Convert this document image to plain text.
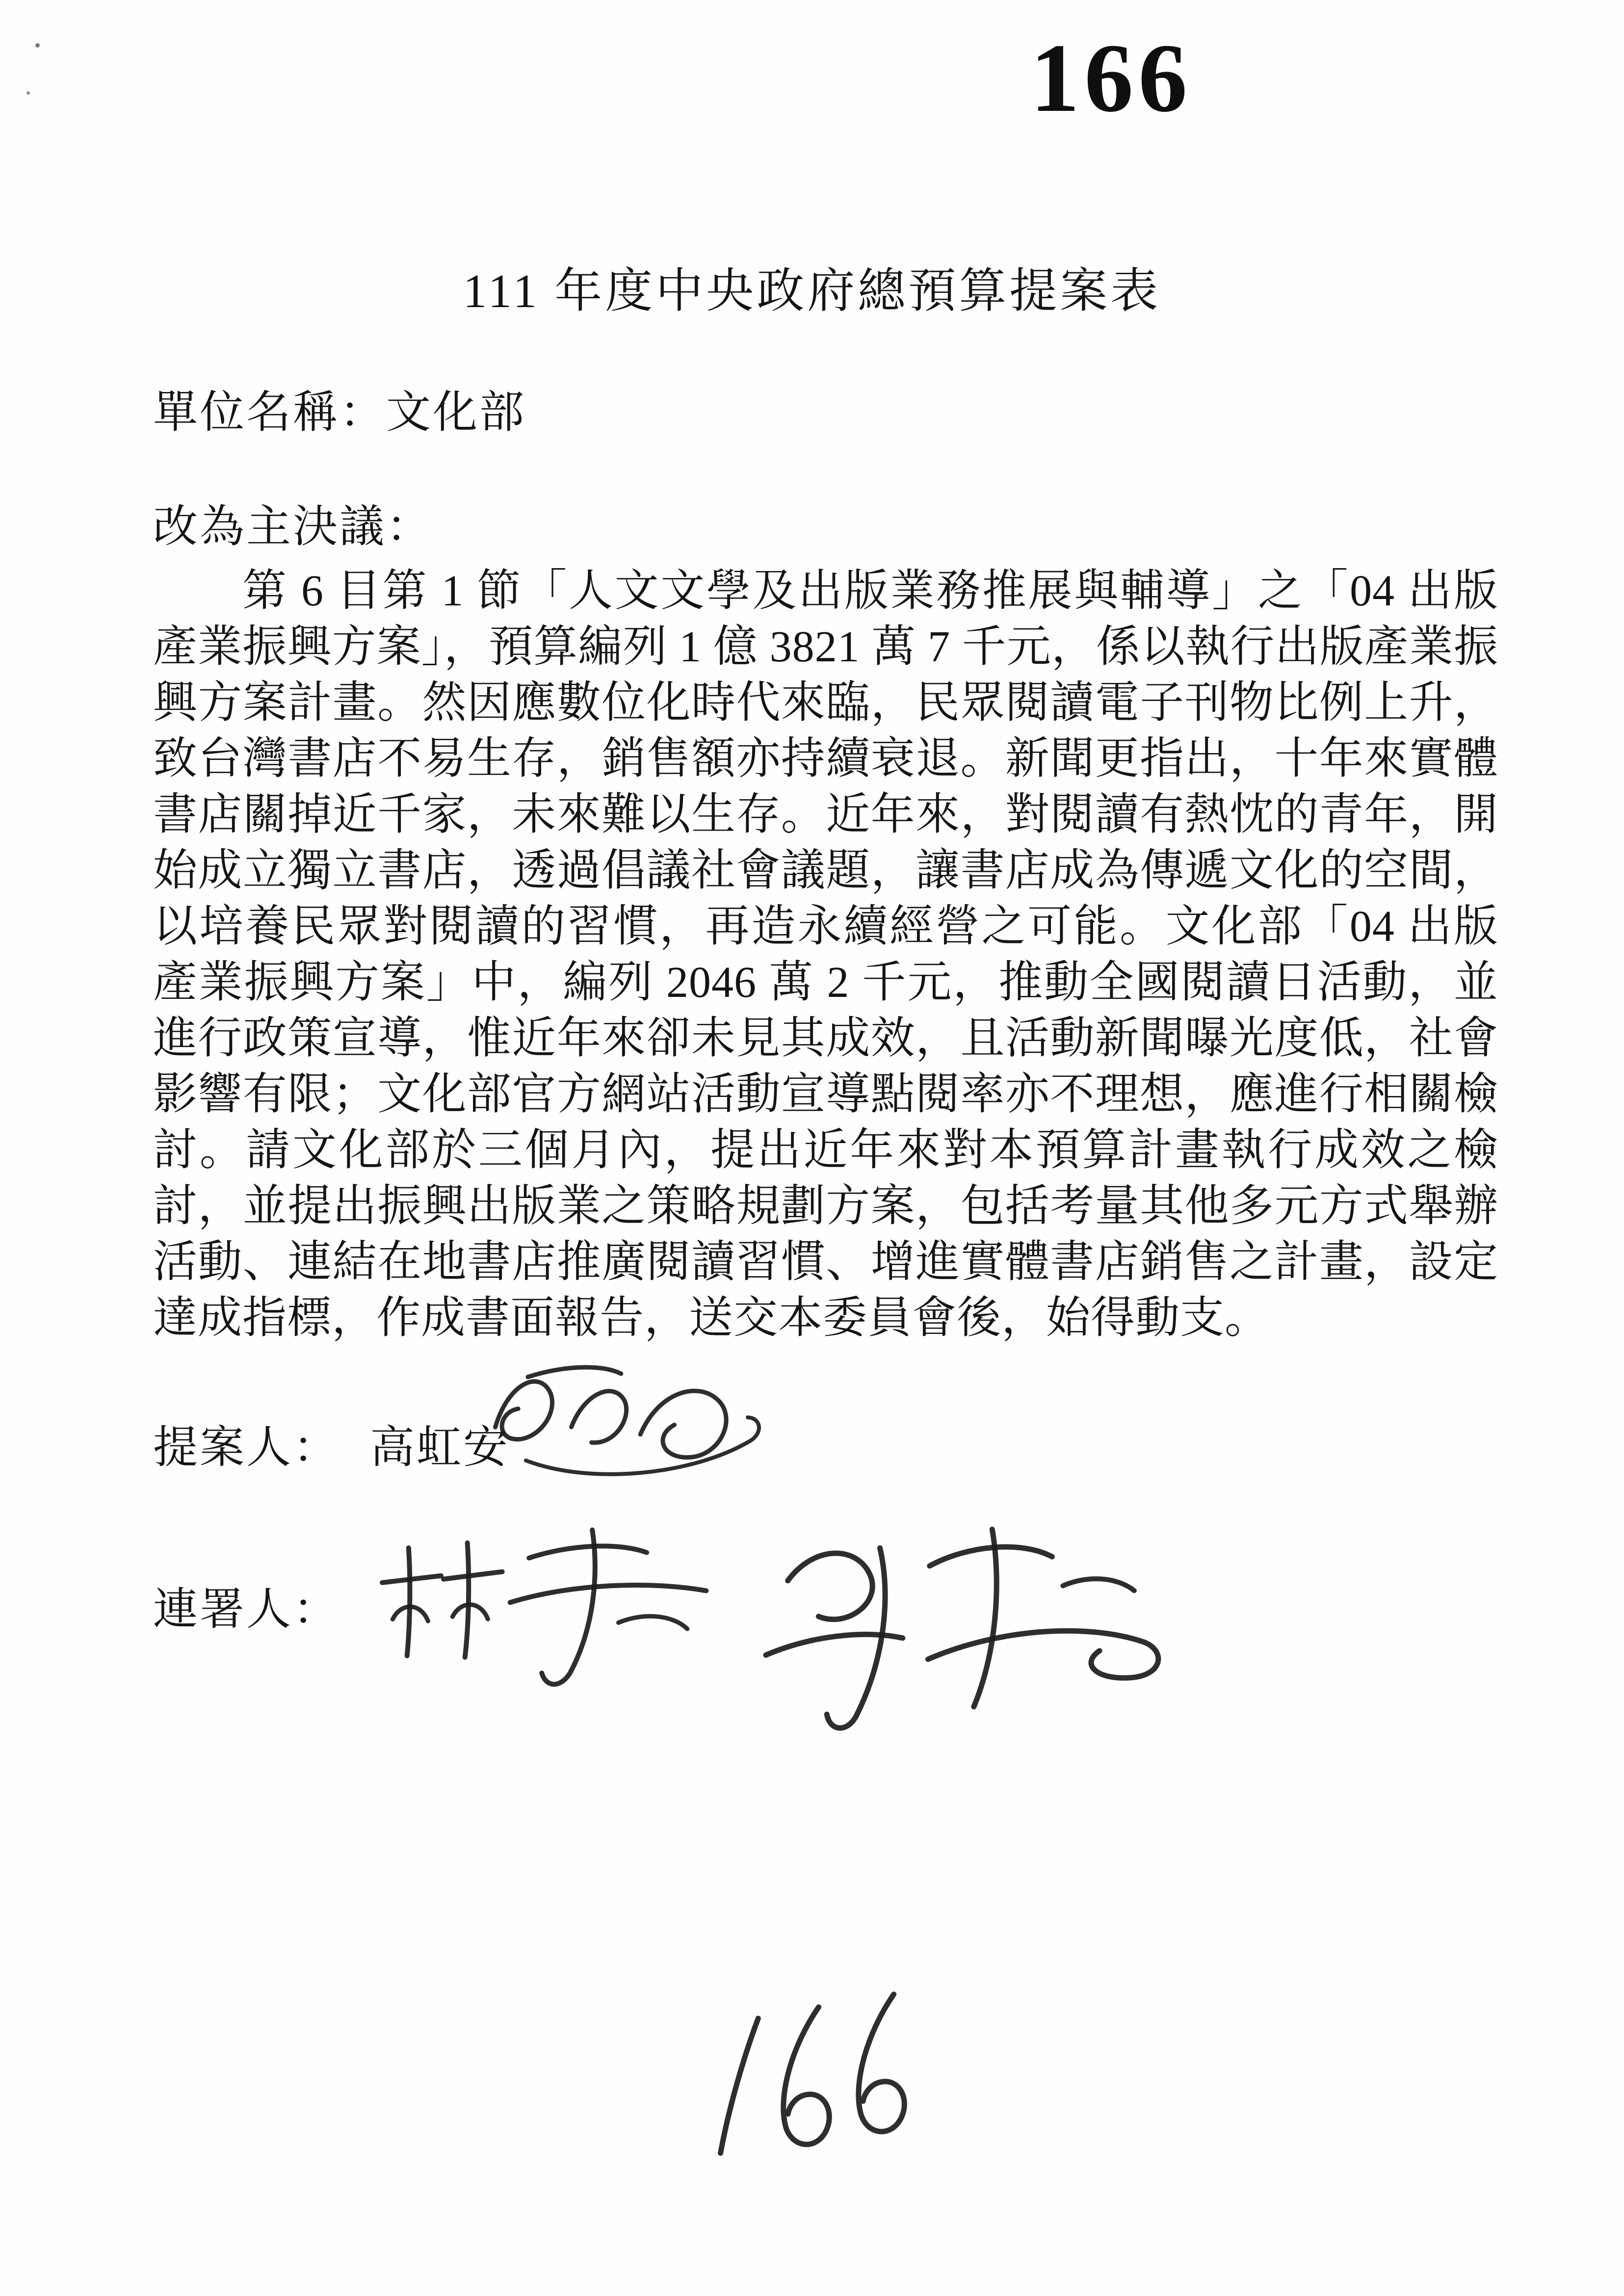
166
111 年度中央政府總預算提案表
單位名稱：文化部
改為主決議：

第 6 目第 1 節「人文文學及出版業務推展與輔導」之「04 出版產業振興方案」，預算編列 1 億 3821 萬 7 千元，係以執行出版產業振興方案計畫。然因應數位化時代來臨，民眾閱讀電子刊物比例上升，致台灣書店不易生存，銷售額亦持續衰退。新聞更指出，十年來實體書店關掉近千家，未來難以生存。近年來，對閱讀有熱忱的青年，開始成立獨立書店，透過倡議社會議題，讓書店成為傳遞文化的空間，以培養民眾對閱讀的習慣，再造永續經營之可能。文化部「04 出版產業振興方案」中，編列 2046 萬 2 千元，推動全國閱讀日活動，並進行政策宣導，惟近年來卻未見其成效，且活動新聞曝光度低，社會影響有限；文化部官方網站活動宣導點閱率亦不理想，應進行相關檢討。請文化部於三個月內，提出近年來對本預算計畫執行成效之檢討，並提出振興出版業之策略規劃方案，包括考量其他多元方式舉辦活動、連結在地書店推廣閱讀習慣、增進實體書店銷售之計畫，設定達成指標，作成書面報告，送交本委員會後，始得動支。

提案人： 高虹安
連署人：
